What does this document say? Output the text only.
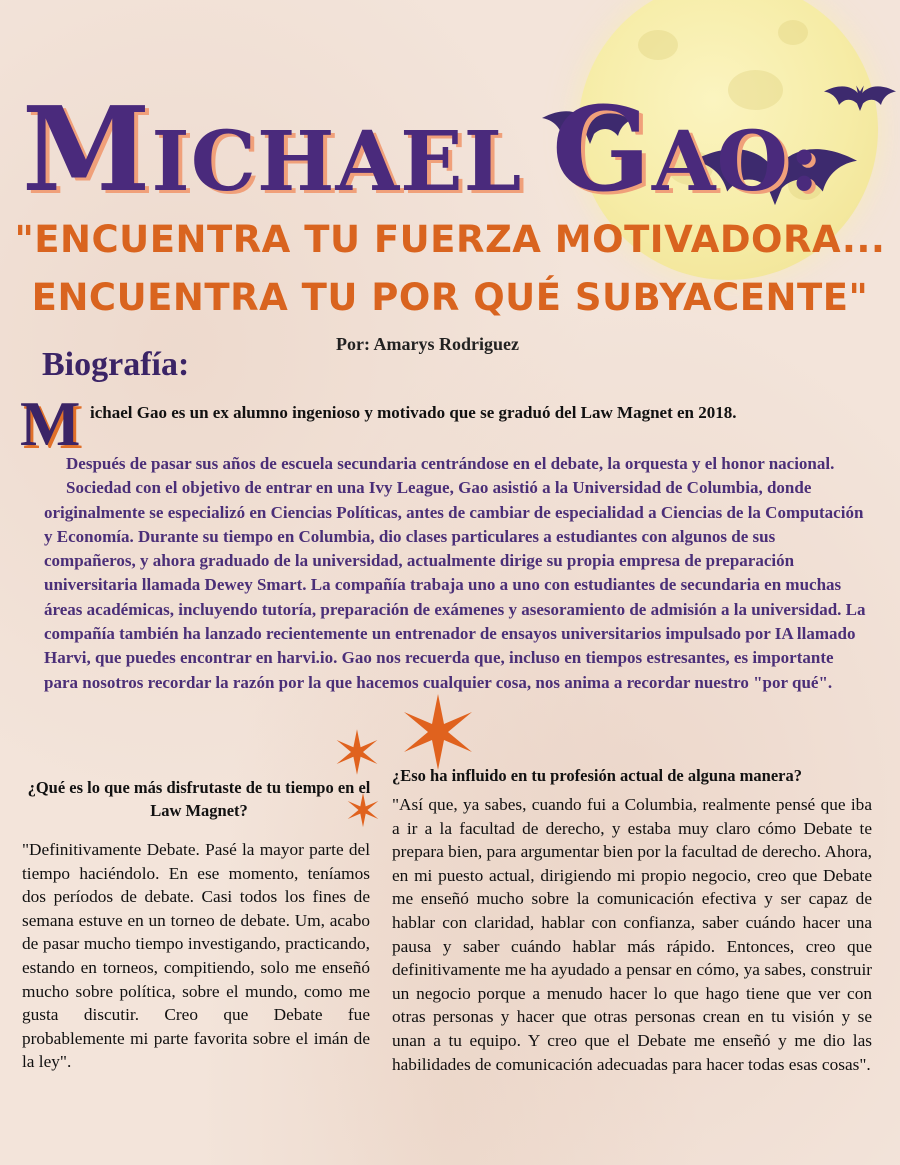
MICHAEL GAO:
"ENCUENTRA TU FUERZA MOTIVADORA...
ENCUENTRA TU POR QUÉ SUBYACENTE"
Por: Amarys Rodriguez
Biografía:
M ichael Gao es un ex alumno ingenioso y motivado que se graduó del Law Magnet en 2018.

Después de pasar sus años de escuela secundaria centrándose en el debate, la orquesta y el honor nacional.

Sociedad con el objetivo de entrar en una Ivy League, Gao asistió a la Universidad de Columbia, donde originalmente se especializó en Ciencias Políticas, antes de cambiar de especialidad a Ciencias de la Computación y Economía. Durante su tiempo en Columbia, dio clases particulares a estudiantes con algunos de sus compañeros, y ahora graduado de la universidad, actualmente dirige su propia empresa de preparación universitaria llamada Dewey Smart. La compañía trabaja uno a uno con estudiantes de secundaria en muchas áreas académicas, incluyendo tutoría, preparación de exámenes y asesoramiento de admisión a la universidad. La compañía también ha lanzado recientemente un entrenador de ensayos universitarios impulsado por IA llamado Harvi, que puedes encontrar en harvi.io. Gao nos recuerda que, incluso en tiempos estresantes, es importante para nosotros recordar la razón por la que hacemos cualquier cosa, nos anima a recordar nuestro "por qué".

¿Qué es lo que más disfrutaste de tu tiempo en el Law Magnet?

"Definitivamente Debate. Pasé la mayor parte del tiempo haciéndolo. En ese momento, teníamos dos períodos de debate. Casi todos los fines de semana estuve en un torneo de debate. Um, acabo de pasar mucho tiempo investigando, practicando, estando en torneos, compitiendo, solo me enseñó mucho sobre política, sobre el mundo, como me gusta discutir. Creo que Debate fue probablemente mi parte favorita sobre el imán de la ley".

¿Eso ha influido en tu profesión actual de alguna manera?

"Así que, ya sabes, cuando fui a Columbia, realmente pensé que iba a ir a la facultad de derecho, y estaba muy claro cómo Debate te prepara bien, para argumentar bien por la facultad de derecho. Ahora, en mi puesto actual, dirigiendo mi propio negocio, creo que Debate me enseñó mucho sobre la comunicación efectiva y ser capaz de hablar con claridad, hablar con confianza, saber cuándo hacer una pausa y saber cuándo hablar más rápido. Entonces, creo que definitivamente me ha ayudado a pensar en cómo, ya sabes, construir un negocio porque a menudo hacer lo que hago tiene que ver con otras personas y hacer que otras personas crean en tu visión y se unan a tu equipo. Y creo que el Debate me enseñó y me dio las habilidades de comunicación adecuadas para hacer todas esas cosas".
